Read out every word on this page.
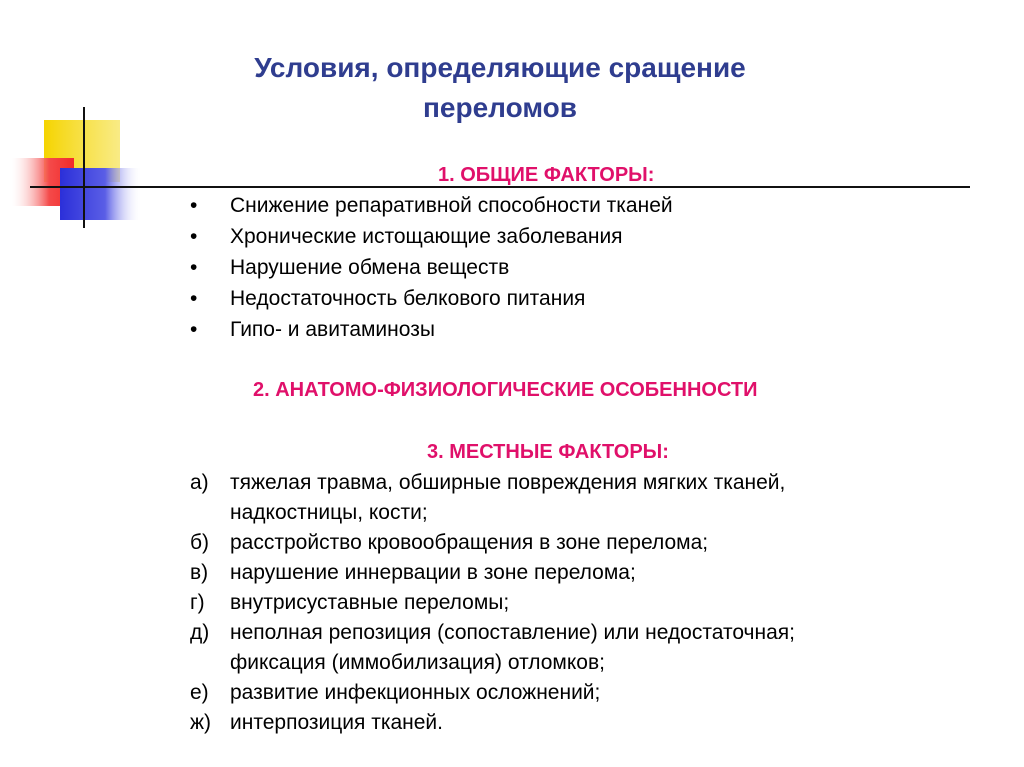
Условия, определяющие сращение
переломов
1. ОБЩИЕ ФАКТОРЫ:
• Снижение репаративной способности тканей
• Хронические истощающие заболевания
• Нарушение обмена веществ
• Недостаточность белкового питания
• Гипо- и авитаминозы
2. АНАТОМО-ФИЗИОЛОГИЧЕСКИЕ ОСОБЕННОСТИ
3. МЕСТНЫЕ ФАКТОРЫ:
а) тяжелая травма, обширные повреждения мягких тканей,
надкостницы, кости;
б) расстройство кровообращения в зоне перелома;
в) нарушение иннервации в зоне перелома;
г) внутрисуставные переломы;
д) неполная репозиция (сопоставление) или недостаточная;
фиксация (иммобилизация) отломков;
е) развитие инфекционных осложнений;
ж) интерпозиция тканей.
